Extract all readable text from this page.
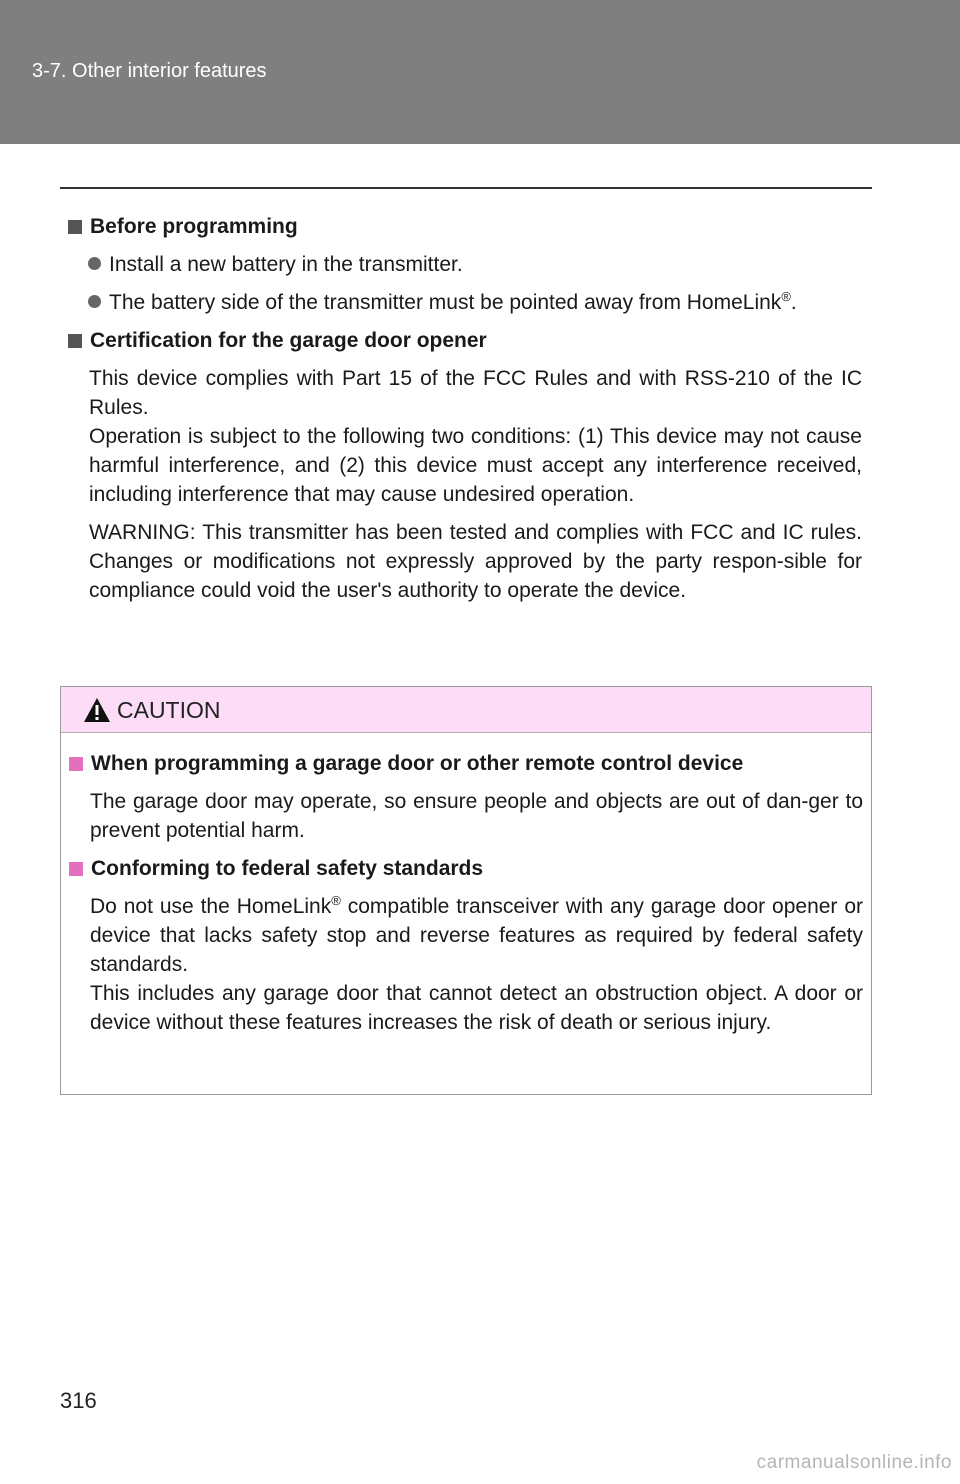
3-7. Other interior features
Before programming
Install a new battery in the transmitter.
The battery side of the transmitter must be pointed away from HomeLink®.
Certification for the garage door opener
This device complies with Part 15 of the FCC Rules and with RSS-210 of the IC Rules.
Operation is subject to the following two conditions: (1) This device may not cause harmful interference, and (2) this device must accept any interference received, including interference that may cause undesired operation.
WARNING: This transmitter has been tested and complies with FCC and IC rules. Changes or modifications not expressly approved by the party respon-sible for compliance could void the user's authority to operate the device.
CAUTION
When programming a garage door or other remote control device
The garage door may operate, so ensure people and objects are out of dan-ger to prevent potential harm.
Conforming to federal safety standards
Do not use the HomeLink® compatible transceiver with any garage door opener or device that lacks safety stop and reverse features as required by federal safety standards.
This includes any garage door that cannot detect an obstruction object. A door or device without these features increases the risk of death or serious injury.
316
carmanualsonline.info
